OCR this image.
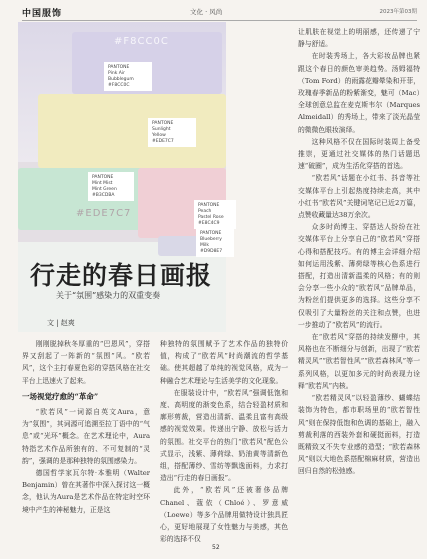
中国服饰	文化 · 风尚	2023年第03期
#F8CC0C
PANTONE
Pink Air
Bubblegum
#F8CC0C
PANTONE
Sunlight
Yellow
#EDE7C7
#EDE7C7
PANTONE
Mint Mist
Mint Green
#B3CDBA
PANTONE
Peach
Pastel Rose
#E8C4C9
PANTONE
Blueberry
Milk
#D9D8E7
行走的春日画报
关于“氛围”感染力的双重变奏
文 | 赵爽

刚刚脱掉秋冬厚重的“巴恩风”，穿搭界又刮起了一阵新的“氛围”风。“欧若风”，这个主打春夏色彩的穿搭风格在社交平台上迅速火了起来。

一场视觉疗愈的“革命”

“欧若风”一词源自英文Aura，意为“氛围”，其词源可追溯至拉丁语中的“气息”或“光环”概念。在艺术理论中，Aura特指艺术作品所独有的、不可复制的“灵韵”，强调的是那种独特的氛围感染力。

德国哲学家瓦尔特·本雅明（Walter Benjamin）曾在其著作中深入探讨这一概念，他认为Aura是艺术作品在特定时空环境中产生的神秘魅力，正是这

种独特的氛围赋予了艺术作品的独特价值，构成了“欧若风”时尚潮流的哲学基础。使其超越了单纯的视觉风格，成为一种融合艺术理论与生活美学的文化现象。

在服装设计中，“欧若风”强调低饱和度、高明度的渐变色系，结合轻盈材质和廓形剪裁，营造出清新、温柔且富有高级感的视觉效果。传递出宁静、放松与活力的氛围。社交平台的热门“欧若风”配色公式显示，浅紫、薄荷绿、奶油黄等清新色组，搭配薄纱、雪纺等飘逸面料，力求打造出“行走的春日画报”。

此外，“欧若风”还被奢侈品牌Chanel、蔻依（Chloé）、罗意威（Loewe）等多个品牌用做特设计独具匠心，更好地展现了女性魅力与美感，其色彩的选择不仅

让肌肤在视觉上的明丽感，还传递了宁静与舒适。

在时装秀场上，各大彩妆品牌也紧跟这个春日的颜色审美趋势。汤姆福特（Tom Ford）的雨露花瓣晕染和开菲，玫瑰春季新品的粉紫渐变，魅可（Mac）全球创意总监在麦克斯韦尔（Marques Almeidall）的秀场上，带来了淡光晶莹的微微色眼妆演绎。

这种风格不仅在国际时装周上备受推崇，更通过社交媒体的热门话题迅速“破圈”，成为生活化穿搭的首选。

“欧若风”话题在小红书、抖音等社交媒体平台上引起热度持续走高，其中小红书“欧若风”关键词笔记已近2万篇，点赞收藏量达38万余次。

众多时尚博主、穿搭达人纷纷在社交媒体平台上分享自己的“欧若风”穿搭心得和搭配技巧。有的博主会详细介绍如何运用浅紫、薄荷绿等核心色系进行搭配，打造出清新温柔的风格；有的则会分享一些小众的“欧若风”品牌单品，为粉丝们提供更多的选择。这些分享不仅吸引了大量粉丝的关注和点赞，也进一步推动了“欧若风”的流行。

在“欧若风”穿搭的持续发酵中，其风格也在不断细分与创新，出现了“欧若精灵风”“欧若智性风”“欧若森林风”等一系列风格，以更加多元的时尚表现力诠释“欧若风”内核。

“欧若精灵风”以轻盈薄纱、蝴蝶结装饰为特色，都市职场里的“欧若智性风”则在保持低饱和色调的基础上，融入剪裁利落的西装外套和硬挺面料，打造既精致又不失专业感的造型；“欧若森林风”则以大地色系搭配棉麻材质，营造出回归自然的松弛感。

52
